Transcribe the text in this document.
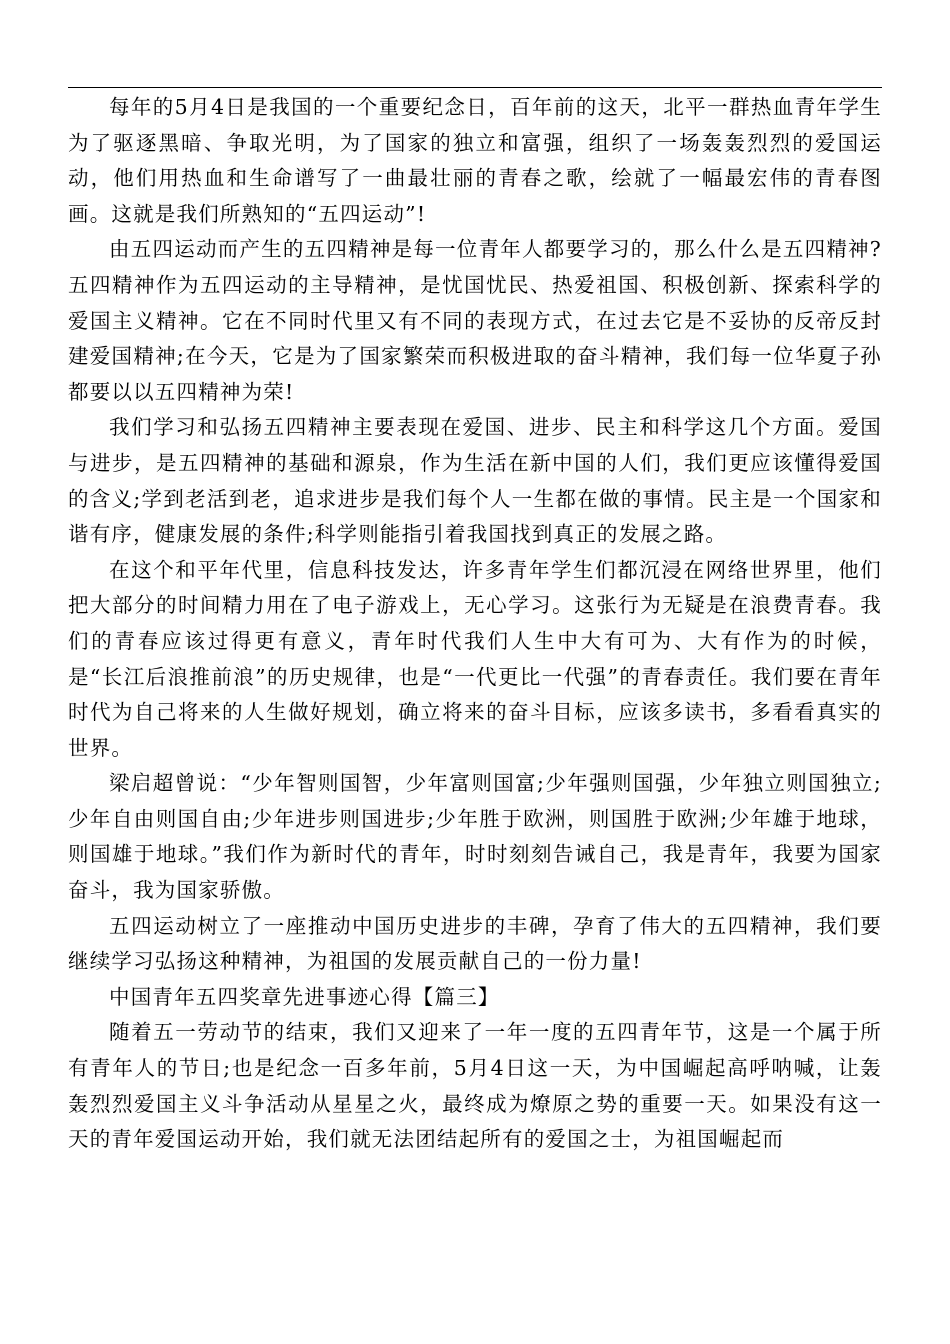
每年的5月4日是我国的一个重要纪念日，百年前的这天，北平一群热血青年学生为了驱逐黑暗、争取光明，为了国家的独立和富强，组织了一场轰轰烈烈的爱国运动，他们用热血和生命谱写了一曲最壮丽的青春之歌，绘就了一幅最宏伟的青春图画。这就是我们所熟知的“五四运动”!

由五四运动而产生的五四精神是每一位青年人都要学习的，那么什么是五四精神?五四精神作为五四运动的主导精神，是忧国忧民、热爱祖国、积极创新、探索科学的爱国主义精神。它在不同时代里又有不同的表现方式，在过去它是不妥协的反帝反封建爱国精神;在今天，它是为了国家繁荣而积极进取的奋斗精神，我们每一位华夏子孙都要以以五四精神为荣!

我们学习和弘扬五四精神主要表现在爱国、进步、民主和科学这几个方面。爱国与进步，是五四精神的基础和源泉，作为生活在新中国的人们，我们更应该懂得爱国的含义;学到老活到老，追求进步是我们每个人一生都在做的事情。民主是一个国家和谐有序，健康发展的条件;科学则能指引着我国找到真正的发展之路。

在这个和平年代里，信息科技发达，许多青年学生们都沉浸在网络世界里，他们把大部分的时间精力用在了电子游戏上，无心学习。这张行为无疑是在浪费青春。我们的青春应该过得更有意义，青年时代我们人生中大有可为、大有作为的时候，是“长江后浪推前浪”的历史规律，也是“一代更比一代强”的青春责任。我们要在青年时代为自己将来的人生做好规划，确立将来的奋斗目标，应该多读书，多看看真实的世界。

梁启超曾说：“少年智则国智，少年富则国富;少年强则国强，少年独立则国独立;少年自由则国自由;少年进步则国进步;少年胜于欧洲，则国胜于欧洲;少年雄于地球，则国雄于地球。”我们作为新时代的青年，时时刻刻告诫自己，我是青年，我要为国家奋斗，我为国家骄傲。

五四运动树立了一座推动中国历史进步的丰碑，孕育了伟大的五四精神，我们要继续学习弘扬这种精神，为祖国的发展贡献自己的一份力量!

中国青年五四奖章先进事迹心得【篇三】

随着五一劳动节的结束，我们又迎来了一年一度的五四青年节，这是一个属于所有青年人的节日;也是纪念一百多年前，5月4日这一天，为中国崛起高呼呐喊，让轰轰烈烈爱国主义斗争活动从星星之火，最终成为燎原之势的重要一天。如果没有这一天的青年爱国运动开始，我们就无法团结起所有的爱国之士，为祖国崛起而
